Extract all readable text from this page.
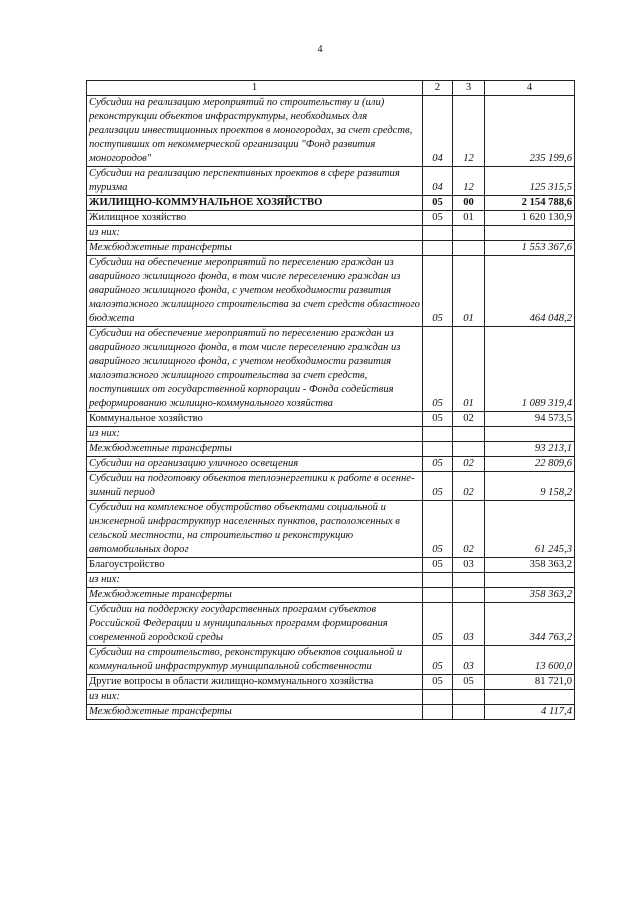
4
1	2	3	4
Субсидии на реализацию мероприятий по строительству и (или) реконструкции объектов инфраструктуры, необходимых для реализации инвестиционных проектов в моногородах, за счет средств, поступивших от некоммерческой организации "Фонд развития моногородов"	04	12	235 199,6
Субсидии на реализацию перспективных проектов в сфере развития туризма	04	12	125 315,5
ЖИЛИЩНО-КОММУНАЛЬНОЕ ХОЗЯЙСТВО	05	00	2 154 788,6
Жилищное хозяйство	05	01	1 620 130,9
из них:			
Межбюджетные трансферты			1 553 367,6
Субсидии на обеспечение мероприятий по переселению граждан из аварийного жилищного фонда, в том числе переселению граждан из аварийного жилищного фонда, с учетом необходимости развития малоэтажного жилищного строительства за счет средств областного бюджета	05	01	464 048,2
Субсидии на обеспечение мероприятий по переселению граждан из аварийного жилищного фонда, в том числе переселению граждан из аварийного жилищного фонда, с учетом необходимости развития малоэтажного жилищного строительства за счет средств, поступивших от государственной корпорации - Фонда содействия реформированию жилищно-коммунального хозяйства	05	01	1 089 319,4
Коммунальное хозяйство	05	02	94 573,5
из них:			
Межбюджетные трансферты			93 213,1
Субсидии на организацию уличного освещения	05	02	22 809,6
Субсидии на подготовку объектов теплоэнергетики к работе в осенне-зимний период	05	02	9 158,2
Субсидии на комплексное обустройство объектами социальной и инженерной инфраструктур населенных пунктов, расположенных в сельской местности, на строительство и реконструкцию автомобильных дорог	05	02	61 245,3
Благоустройство	05	03	358 363,2
из них:			
Межбюджетные трансферты			358 363,2
Субсидии на поддержку государственных программ субъектов Российской Федерации и муниципальных программ формирования современной городской среды	05	03	344 763,2
Субсидии на строительство, реконструкцию объектов социальной и коммунальной инфраструктур муниципальной собственности	05	03	13 600,0
Другие вопросы в области жилищно-коммунального хозяйства	05	05	81 721,0
из них:			
Межбюджетные трансферты			4 117,4
